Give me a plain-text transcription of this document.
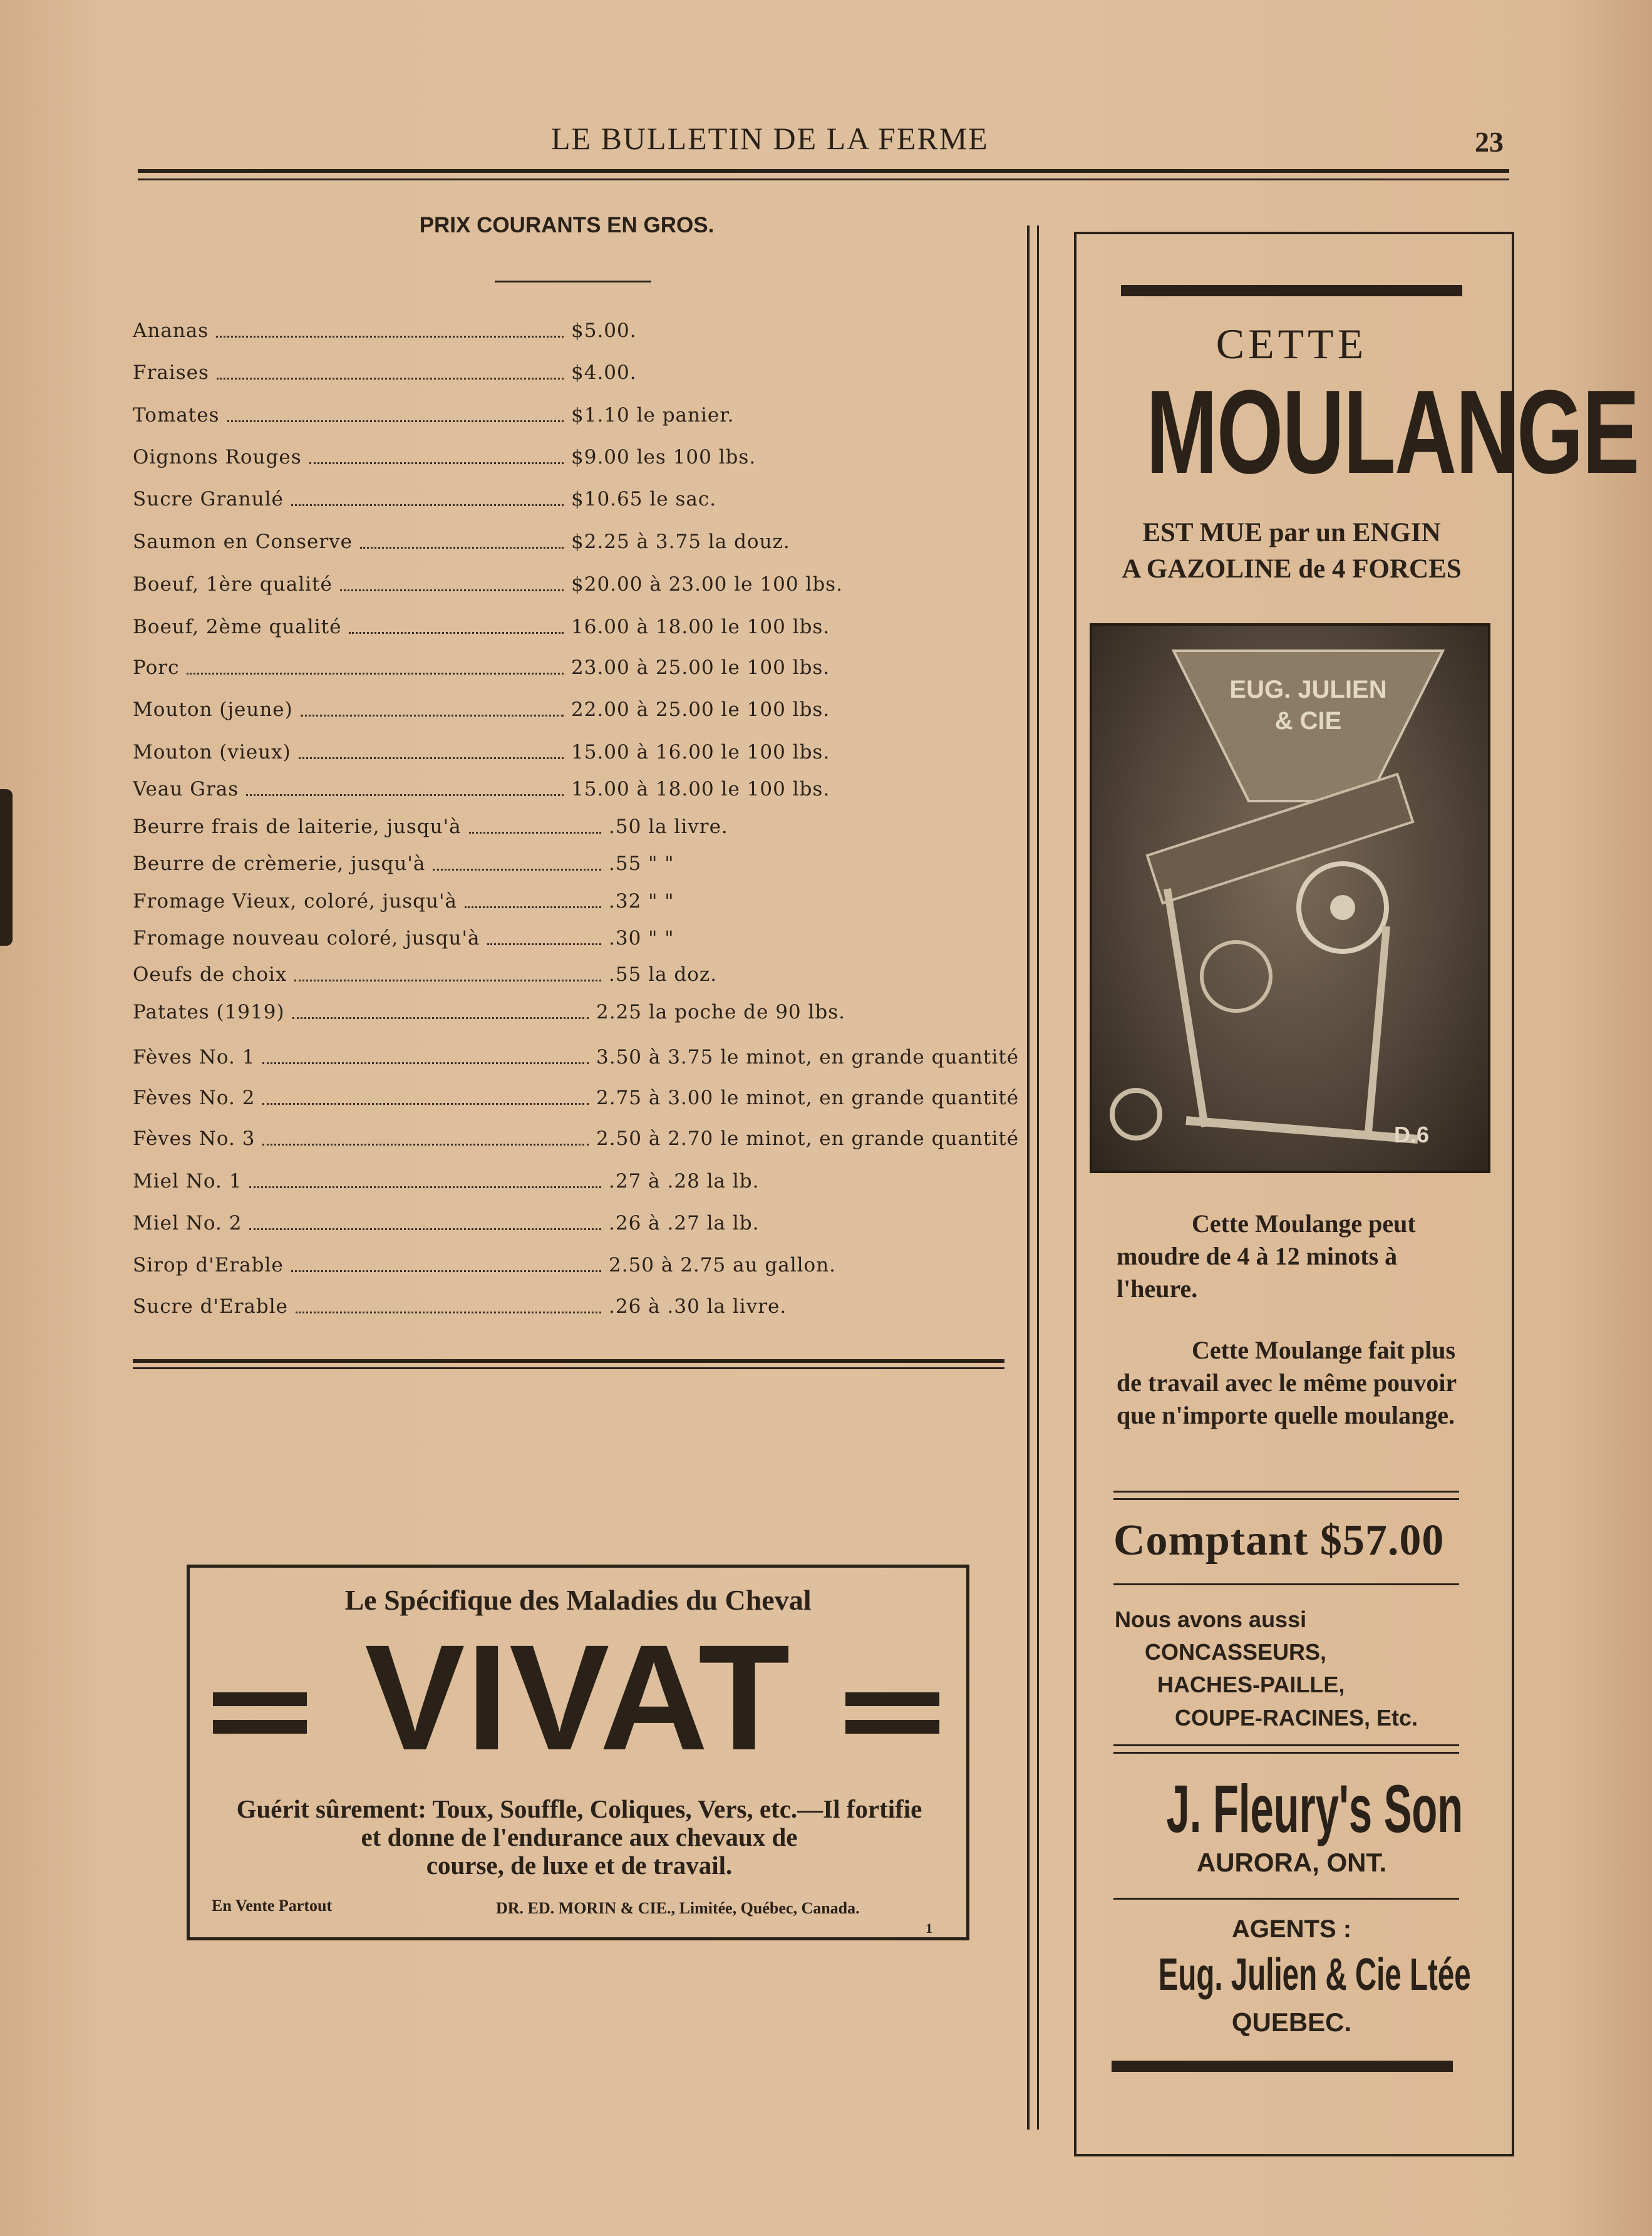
LE BULLETIN DE LA FERME	23
PRIX COURANTS EN GROS.
Ananas	$5.00.
Fraises	$4.00.
Tomates	$1.10 le panier.
Oignons Rouges	$9.00 les 100 lbs.
Sucre Granulé	$10.65 le sac.
Saumon en Conserve	$2.25 à 3.75 la douz.
Boeuf, 1ère qualité	$20.00 à 23.00 le 100 lbs.
Boeuf, 2ème qualité	16.00 à 18.00 le 100 lbs.
Porc	23.00 à 25.00 le 100 lbs.
Mouton (jeune)	22.00 à 25.00 le 100 lbs.
Mouton (vieux)	15.00 à 16.00 le 100 lbs.
Veau Gras	15.00 à 18.00 le 100 lbs.
Beurre frais de laiterie, jusqu'à	.50 la livre.
Beurre de crèmerie, jusqu'à	.55 " "
Fromage Vieux, coloré, jusqu'à	.32 " "
Fromage nouveau coloré, jusqu'à	.30 " "
Oeufs de choix	.55 la doz.
Patates (1919)	2.25 la poche de 90 lbs.
Fèves No. 1	3.50 à 3.75 le minot, en grande quantité
Fèves No. 2	2.75 à 3.00 le minot, en grande quantité
Fèves No. 3	2.50 à 2.70 le minot, en grande quantité
Miel No. 1	.27 à .28 la lb.
Miel No. 2	.26 à .27 la lb.
Sirop d'Erable	2.50 à 2.75 au gallon.
Sucre d'Erable	.26 à .30 la livre.
CETTE
MOULANGE
EST MUE par un ENGIN
A GAZOLINE de 4 FORCES
EUG. JULIEN
& CIE
D.6
Cette Moulange peut moudre de 4 à 12 minots à l'heure.
Cette Moulange fait plus de travail avec le même pouvoir que n'importe quelle moulange.
Comptant $57.00
Nous avons aussi
CONCASSEURS,
HACHES-PAILLE,
COUPE-RACINES, Etc.
J. Fleury's Son
AURORA, ONT.
AGENTS :
Eug. Julien & Cie Ltée
QUEBEC.
Le Spécifique des Maladies du Cheval
VIVAT
Guérit sûrement: Toux, Souffle, Coliques, Vers, etc.—Il fortifie
et donne de l'endurance aux chevaux de
course, de luxe et de travail.
En Vente Partout	DR. ED. MORIN & CIE., Limitée, Québec, Canada.
1
